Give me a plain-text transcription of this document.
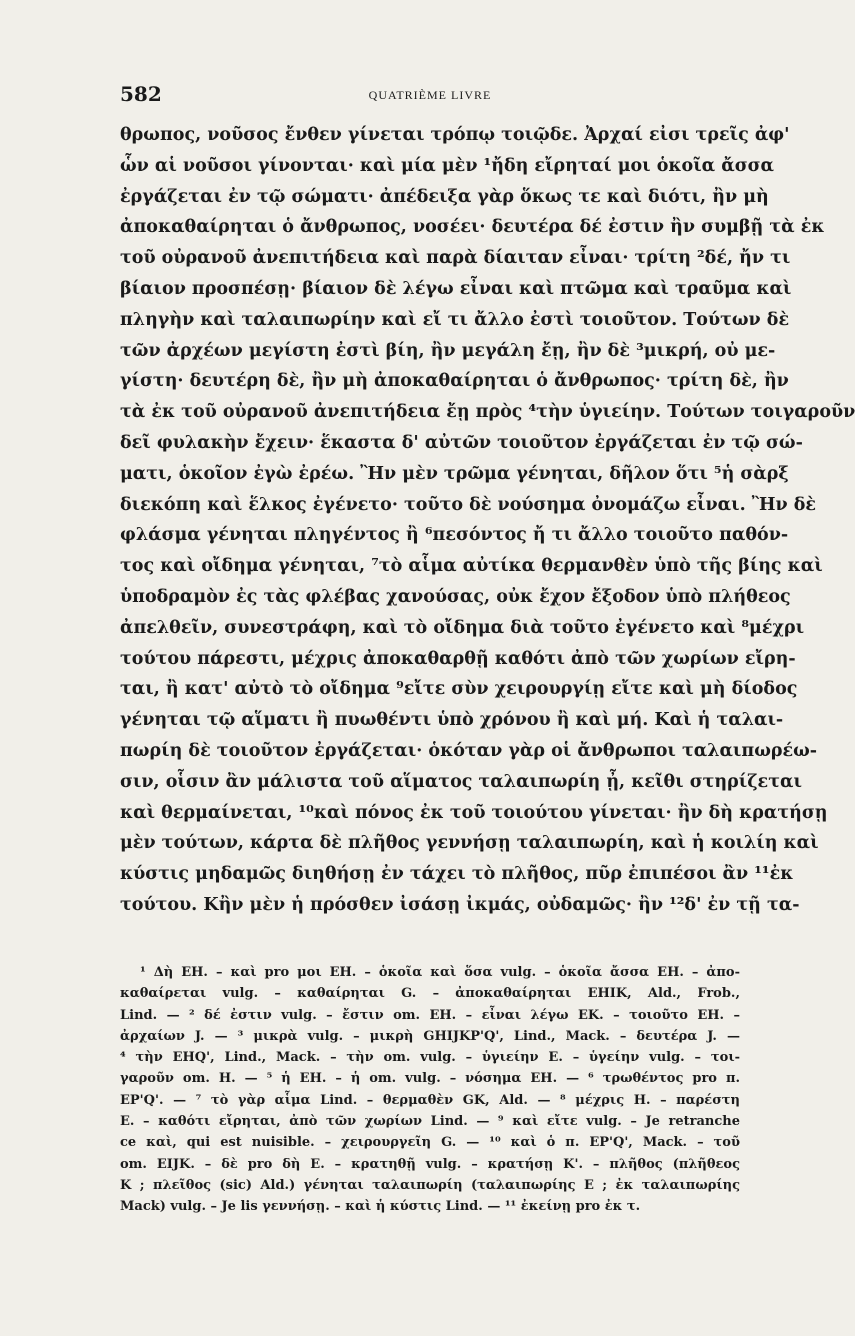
582	QUATRIÈME LIVRE
θρωπος, νοῦσος ἔνθεν γίνεται τρόπῳ τοιῷδε. Ἀρχαί εἰσι τρεῖς ἀφ'
ὧν αἱ νοῦσοι γίνονται· καὶ μία μὲν ¹ἤδη εἴρηταί μοι ὁκοῖα ἄσσα
ἐργάζεται ἐν τῷ σώματι· ἀπέδειξα γὰρ ὅκως τε καὶ διότι, ἢν μὴ
ἀποκαθαίρηται ὁ ἄνθρωπος, νοσέει· δευτέρα δέ ἐστιν ἢν συμβῇ τὰ ἐκ
τοῦ οὐρανοῦ ἀνεπιτήδεια καὶ παρὰ δίαιταν εἶναι· τρίτη ²δέ, ἤν τι
βίαιον προσπέσῃ· βίαιον δὲ λέγω εἶναι καὶ πτῶμα καὶ τραῦμα καὶ
πληγὴν καὶ ταλαιπωρίην καὶ εἴ τι ἄλλο ἐστὶ τοιοῦτον. Τούτων δὲ
τῶν ἀρχέων μεγίστη ἐστὶ βίη, ἢν μεγάλη ἔῃ, ἢν δὲ ³μικρή, οὐ με-
γίστη· δευτέρη δὲ, ἢν μὴ ἀποκαθαίρηται ὁ ἄνθρωπος· τρίτη δὲ, ἢν
τὰ ἐκ τοῦ οὐρανοῦ ἀνεπιτήδεια ἔῃ πρὸς ⁴τὴν ὑγιείην. Τούτων τοιγαροῦν
δεῖ φυλακὴν ἔχειν· ἕκαστα δ' αὐτῶν τοιοῦτον ἐργάζεται ἐν τῷ σώ-
ματι, ὁκοῖον ἐγὼ ἐρέω. Ἢν μὲν τρῶμα γένηται, δῆλον ὅτι ⁵ἡ σὰρξ
διεκόπη καὶ ἕλκος ἐγένετο· τοῦτο δὲ νούσημα ὀνομάζω εἶναι. Ἢν δὲ
φλάσμα γένηται πληγέντος ἢ ⁶πεσόντος ἤ τι ἄλλο τοιοῦτο παθόν-
τος καὶ οἴδημα γένηται, ⁷τὸ αἷμα αὐτίκα θερμανθὲν ὑπὸ τῆς βίης καὶ
ὑποδραμὸν ἐς τὰς φλέβας χανούσας, οὐκ ἔχον ἔξοδον ὑπὸ πλήθεος
ἀπελθεῖν, συνεστράφη, καὶ τὸ οἴδημα διὰ τοῦτο ἐγένετο καὶ ⁸μέχρι
τούτου πάρεστι, μέχρις ἀποκαθαρθῇ καθότι ἀπὸ τῶν χωρίων εἴρη-
ται, ἢ κατ' αὐτὸ τὸ οἴδημα ⁹εἴτε σὺν χειρουργίῃ εἴτε καὶ μὴ δίοδος
γένηται τῷ αἵματι ἢ πυωθέντι ὑπὸ χρόνου ἢ καὶ μή. Καὶ ἡ ταλαι-
πωρίη δὲ τοιοῦτον ἐργάζεται· ὁκόταν γὰρ οἱ ἄνθρωποι ταλαιπωρέω-
σιν, οἷσιν ἂν μάλιστα τοῦ αἵματος ταλαιπωρίη ᾖ, κεῖθι στηρίζεται
καὶ θερμαίνεται, ¹⁰καὶ πόνος ἐκ τοῦ τοιούτου γίνεται· ἢν δὴ κρατήσῃ
μὲν τούτων, κάρτα δὲ πλῆθος γεννήσῃ ταλαιπωρίη, καὶ ἡ κοιλίη καὶ
κύστις μηδαμῶς διηθήσῃ ἐν τάχει τὸ πλῆθος, πῦρ ἐπιπέσοι ἂν ¹¹ἐκ
τούτου. Κἢν μὲν ἡ πρόσθεν ἰσάσῃ ἰκμάς, οὐδαμῶς· ἢν ¹²δ' ἐν τῇ τα-
¹ Δὴ EH. – καὶ pro μοι EH. – ὁκοῖα καὶ ὅσα vulg. – ὁκοῖα ἄσσα EH. – ἀπο-
καθαίρεται vulg. – καθαίρηται G. – ἀποκαθαίρηται EHIK, Ald., Frob.,
Lind. — ² δέ ἐστιν vulg. – ἔστιν om. EH. – εἶναι λέγω EK. – τοιοῦτο EH. –
ἀρχαίων J. — ³ μικρὰ vulg. – μικρὴ GHIJKP'Q', Lind., Mack. – δευτέρα J. —
⁴ τὴν EHQ', Lind., Mack. – τὴν om. vulg. – ὑγιείην E. – ὑγείην vulg. – τοι-
γαροῦν om. H. — ⁵ ἡ EH. – ἡ om. vulg. – νόσημα EH. — ⁶ τρωθέντος pro π.
EP'Q'. — ⁷ τὸ γὰρ αἷμα Lind. – θερμαθὲν GK, Ald. — ⁸ μέχρις H. – παρέστη
E. – καθότι εἴρηται, ἀπὸ τῶν χωρίων Lind. — ⁹ καὶ εἴτε vulg. – Je retranche
ce καὶ, qui est nuisible. – χειρουργεῖη G. — ¹⁰ καὶ ὁ π. EP'Q', Mack. – τοῦ
om. EIJK. – δὲ pro δὴ E. – κρατηθῇ vulg. – κρατήσῃ K'. – πλῆθος (πλῆθεος
K ; πλεῖθος (sic) Ald.) γένηται ταλαιπωρίη (ταλαιπωρίης E ; ἐκ ταλαιπωρίης
Mack) vulg. – Je lis γεννήσῃ. – καὶ ἡ κύστις Lind. — ¹¹ ἐκείνῃ pro ἐκ τ.
